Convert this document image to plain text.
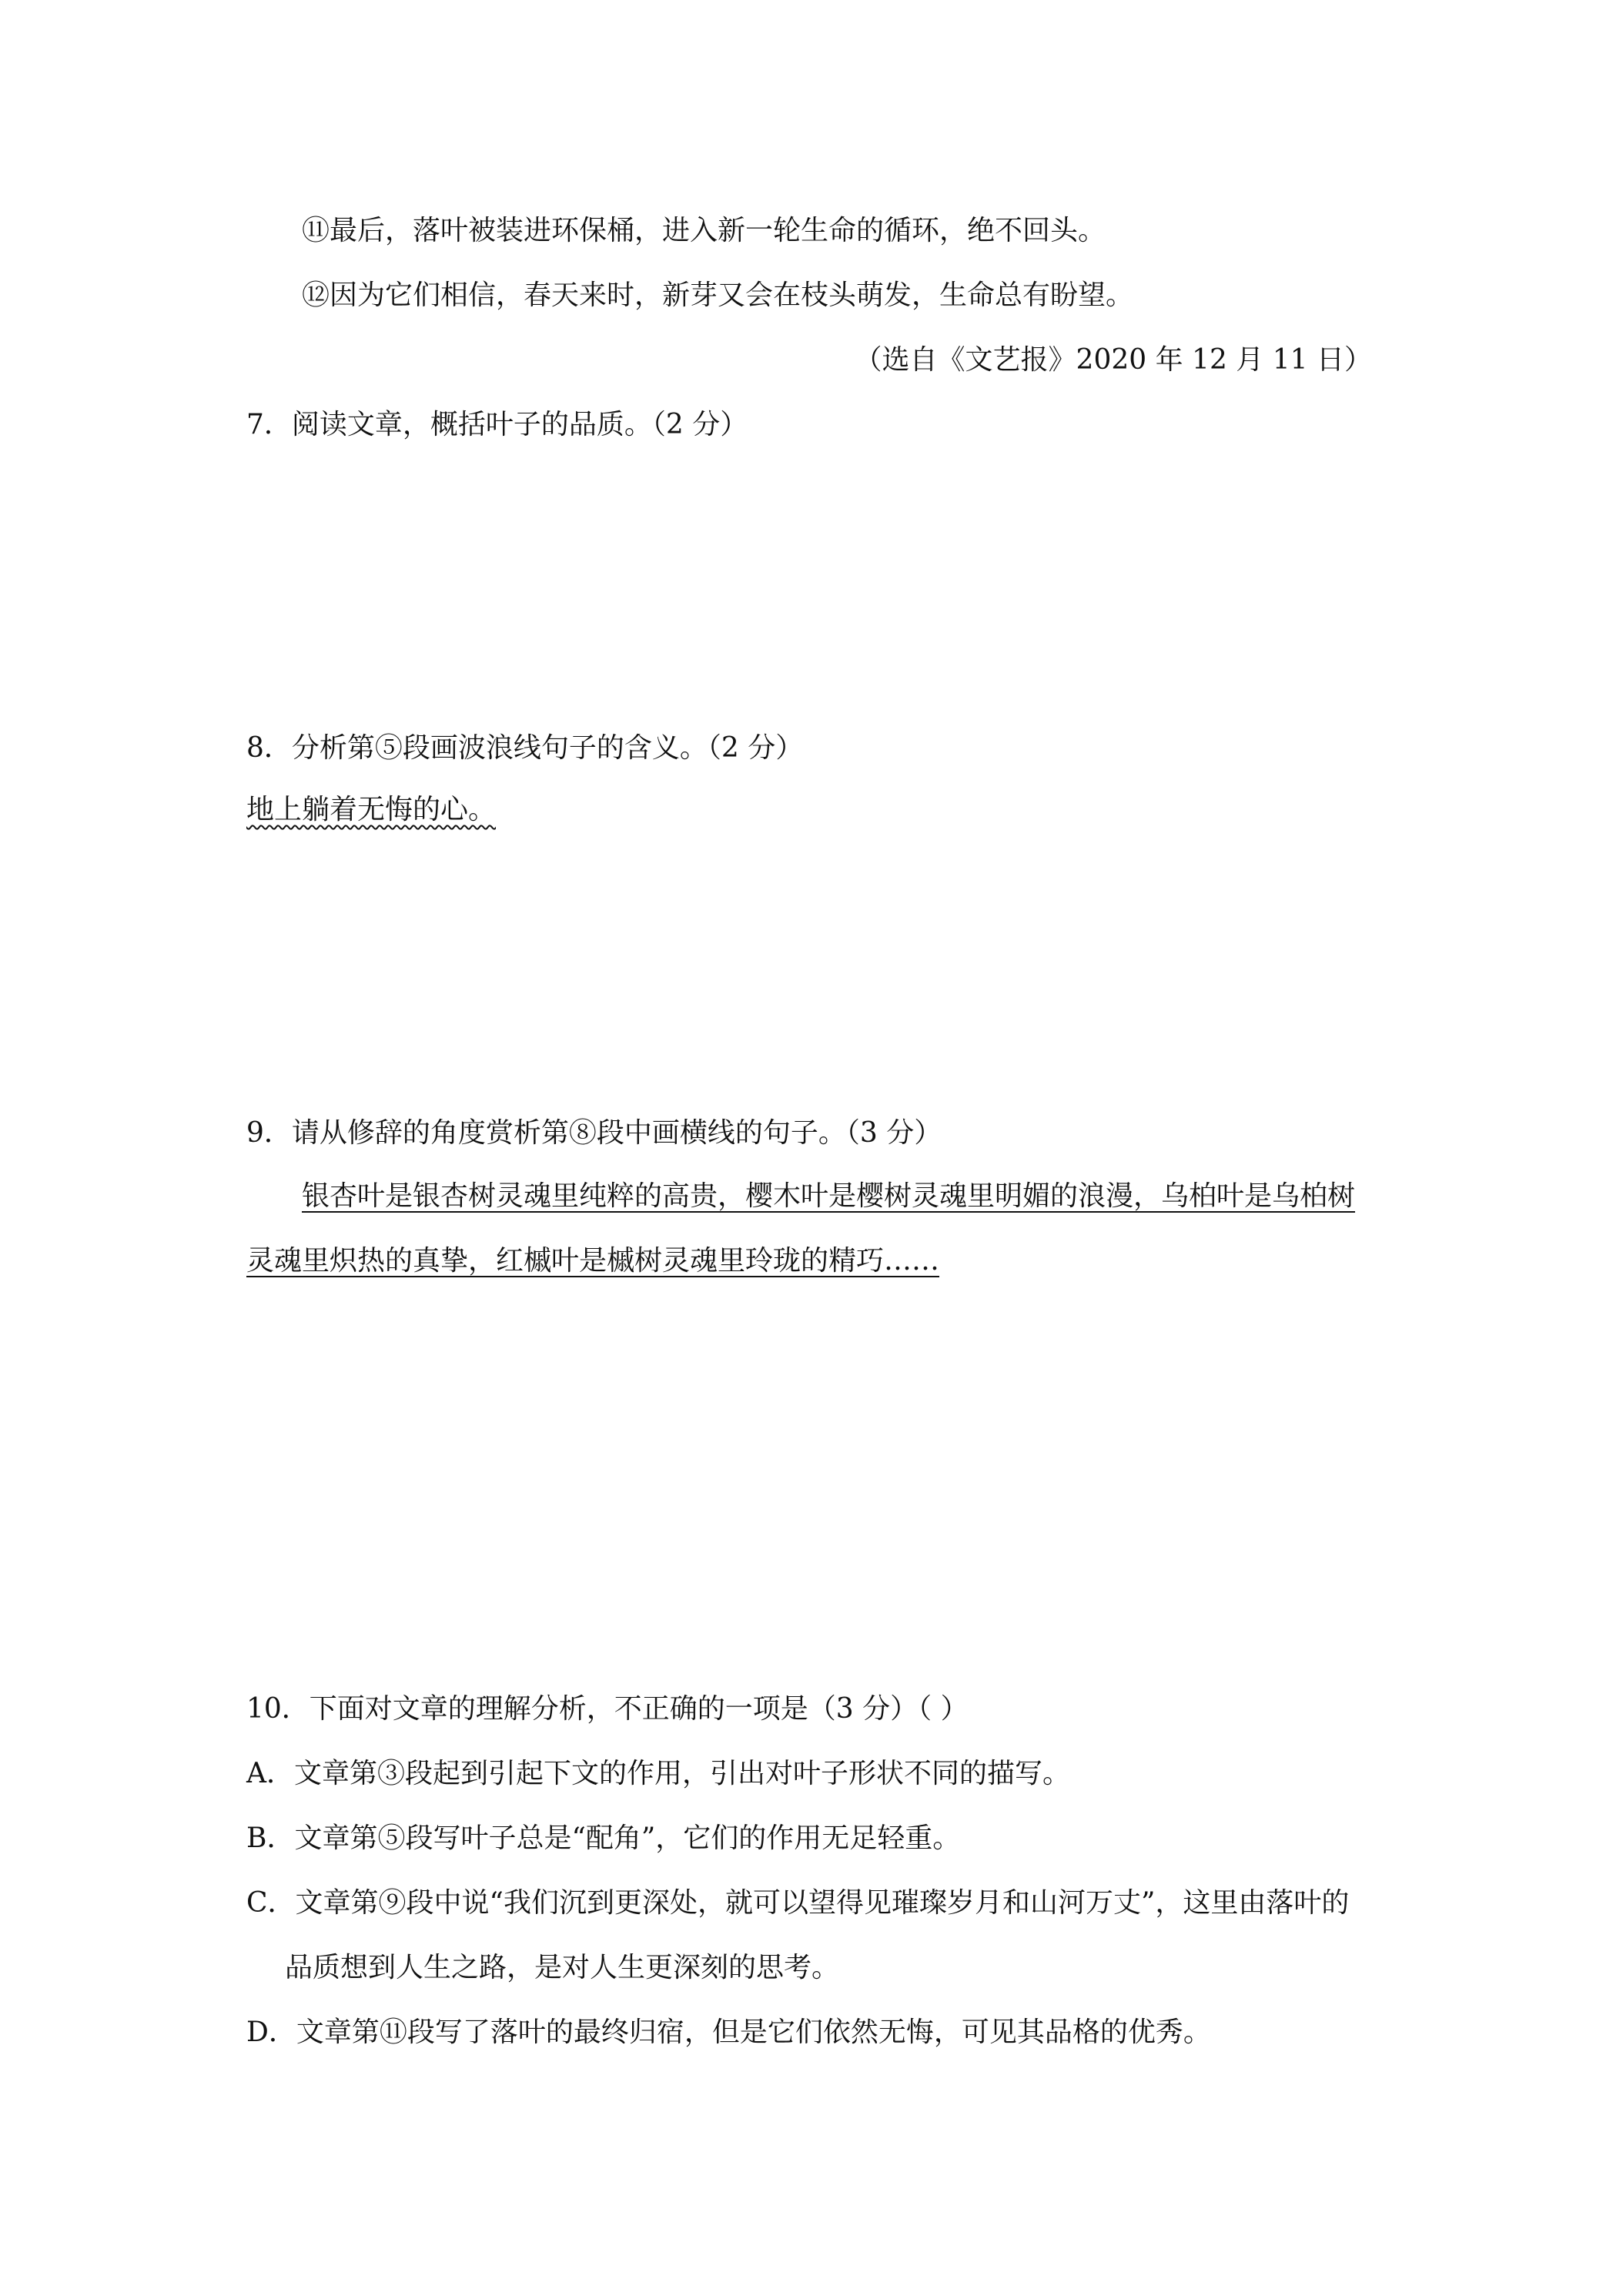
⑪最后，落叶被装进环保桶，进入新一轮生命的循环，绝不回头。
⑫因为它们相信，春天来时，新芽又会在枝头萌发，生命总有盼望。
（选自《文艺报》2020 年 12 月 11 日）
7．阅读文章，概括叶子的品质。（2 分）
8．分析第⑤段画波浪线句子的含义。（2 分）
地上躺着无悔的心。
9．请从修辞的角度赏析第⑧段中画横线的句子。（3 分）
银杏叶是银杏树灵魂里纯粹的高贵，樱木叶是樱树灵魂里明媚的浪漫，乌柏叶是乌柏树
灵魂里炽热的真挚，红槭叶是槭树灵魂里玲珑的精巧……
10．下面对文章的理解分析，不正确的一项是（3 分）（ ）
A．文章第③段起到引起下文的作用，引出对叶子形状不同的描写。
B．文章第⑤段写叶子总是“配角”，它们的作用无足轻重。
C．文章第⑨段中说“我们沉到更深处，就可以望得见璀璨岁月和山河万丈”，这里由落叶的
品质想到人生之路，是对人生更深刻的思考。
D．文章第⑪段写了落叶的最终归宿，但是它们依然无悔，可见其品格的优秀。
